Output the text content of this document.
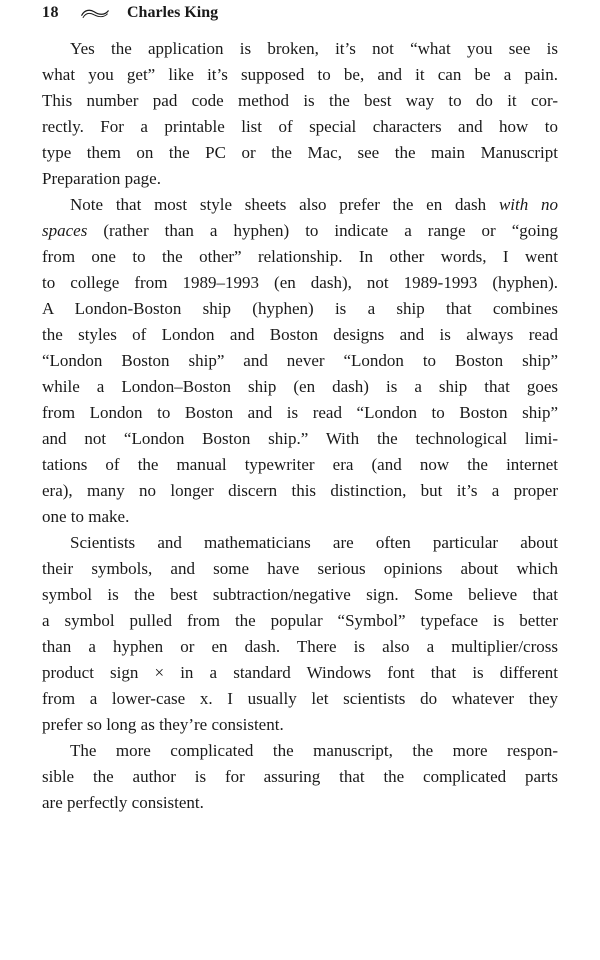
18	Charles King
Yes the application is broken, it’s not “what you see is
what you get” like it’s supposed to be, and it can be a pain.
This number pad code method is the best way to do it cor-
rectly. For a printable list of special characters and how to
type them on the PC or the Mac, see the main Manuscript
Preparation page.
Note that most style sheets also prefer the en dash with no
spaces (rather than a hyphen) to indicate a range or “going
from one to the other” relationship. In other words, I went
to college from 1989–1993 (en dash), not 1989-1993 (hyphen).
A London-Boston ship (hyphen) is a ship that combines
the styles of London and Boston designs and is always read
“London Boston ship” and never “London to Boston ship”
while a London–Boston ship (en dash) is a ship that goes
from London to Boston and is read “London to Boston ship”
and not “London Boston ship.” With the technological limi-
tations of the manual typewriter era (and now the internet
era), many no longer discern this distinction, but it’s a proper
one to make.
Scientists and mathematicians are often particular about
their symbols, and some have serious opinions about which
symbol is the best subtraction/negative sign. Some believe that
a symbol pulled from the popular “Symbol” typeface is better
than a hyphen or en dash. There is also a multiplier/cross
product sign × in a standard Windows font that is different
from a lower-case x. I usually let scientists do whatever they
prefer so long as they’re consistent.
The more complicated the manuscript, the more respon-
sible the author is for assuring that the complicated parts
are perfectly consistent.
